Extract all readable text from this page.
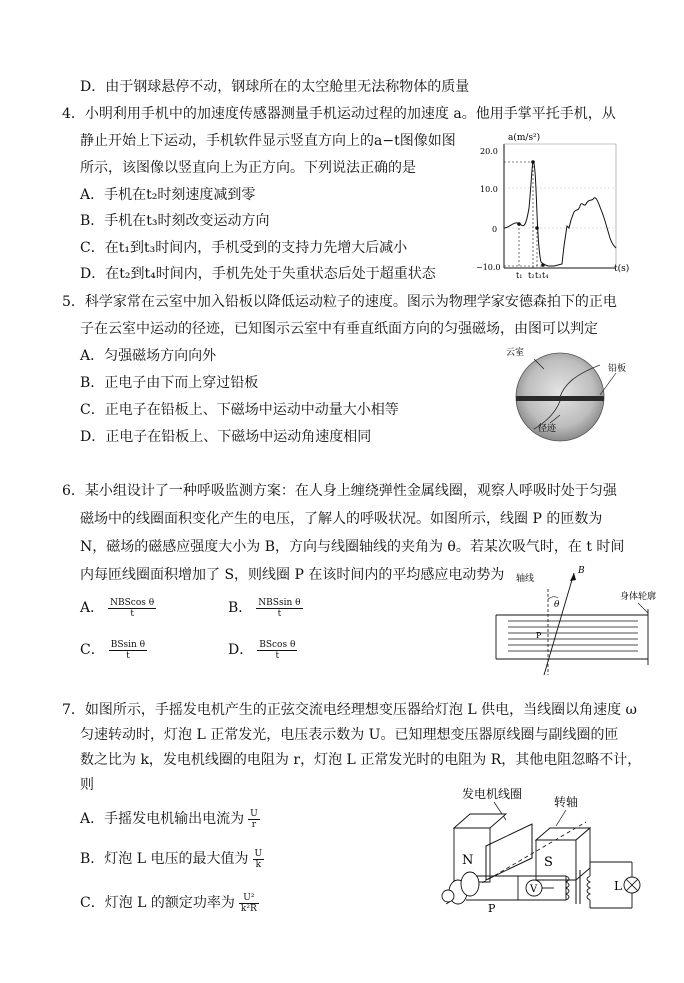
D．由于钢球悬停不动，钢球所在的太空舱里无法称物体的质量
4．小明利用手机中的加速度传感器测量手机运动过程的加速度 a。他用手掌平托手机，从
静止开始上下运动，手机软件显示竖直方向上的a−t图像如图
所示，该图像以竖直向上为正方向。下列说法正确的是
A．手机在t₂时刻速度减到零
B．手机在t₃时刻改变运动方向
C．在t₁到t₃时间内，手机受到的支持力先增大后减小
D．在t₂到t₄时间内，手机先处于失重状态后处于超重状态
a(m/s²)
t(s)
20.0
10.0
0
−10.0
t₁ t₂ t₃ t₄
5．科学家常在云室中加入铅板以降低运动粒子的速度。图示为物理学家安德森拍下的正电
子在云室中运动的径迹，已知图示云室中有垂直纸面方向的匀强磁场，由图可以判定
A．匀强磁场方向向外
B．正电子由下而上穿过铅板
C．正电子在铅板上、下磁场中运动中动量大小相等
D．正电子在铅板上、下磁场中运动角速度相同
云室
铅板
径迹
6．某小组设计了一种呼吸监测方案：在人身上缠绕弹性金属线圈，观察人呼吸时处于匀强
磁场中的线圈面积变化产生的电压，了解人的呼吸状况。如图所示，线圈 P 的匝数为
N，磁场的磁感应强度大小为 B，方向与线圈轴线的夹角为 θ。若某次吸气时，在 t 时间
内每匝线圈面积增加了 S，则线圈 P 在该时间内的平均感应电动势为
A． $\frac{\text{NBScos θ}}{t}$	B． $\frac{\text{NBSsin θ}}{t}$
C． $\frac{\text{BSsin θ}}{t}$	D． $\frac{\text{BScos θ}}{t}$
轴线
B
θ
身体轮廓
P
7．如图所示，手摇发电机产生的正弦交流电经理想变压器给灯泡 L 供电，当线圈以角速度 ω
匀速转动时，灯泡 L 正常发光，电压表示数为 U。已知理想变压器原线圈与副线圈的匝
数之比为 k，发电机线圈的电阻为 r，灯泡 L 正常发光时的电阻为 R，其他电阻忽略不计，
则
A．手摇发电机输出电流为 $\frac{U}{r}$
B．灯泡 L 电压的最大值为 $\frac{U}{k}$
C．灯泡 L 的额定功率为 $\frac{\text{U²}}{\text{k²R}}$
发电机线圈
转轴
N	S
V
P
L
